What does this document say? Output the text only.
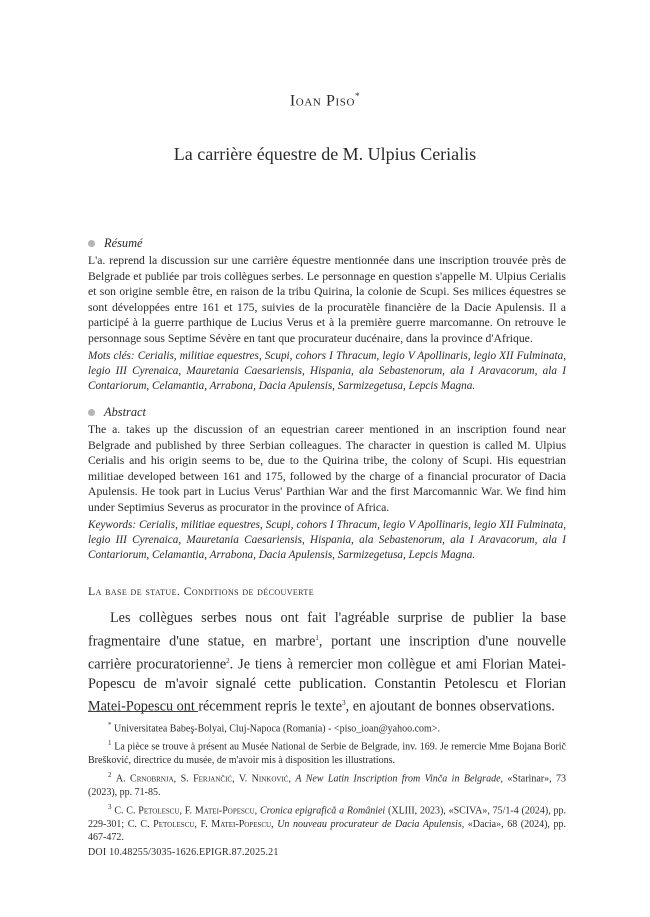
Ioan Piso*
La carrière équestre de M. Ulpius Cerialis
Résumé

L'a. reprend la discussion sur une carrière équestre mentionnée dans une inscription trouvée près de Belgrade et publiée par trois collègues serbes. Le personnage en question s'appelle M. Ulpius Cerialis et son origine semble être, en raison de la tribu Quirina, la colonie de Scupi. Ses milices équestres se sont développées entre 161 et 175, suivies de la procuratèle financière de la Dacie Apulensis. Il a participé à la guerre parthique de Lucius Verus et à la première guerre marcomanne. On retrouve le personnage sous Septime Sévère en tant que procurateur ducénaire, dans la province d'Afrique.

Mots clés: Cerialis, militiae equestres, Scupi, cohors I Thracum, legio V Apollinaris, legio XII Fulminata, legio III Cyrenaica, Mauretania Caesariensis, Hispania, ala Sebastenorum, ala I Aravacorum, ala I Contariorum, Celamantia, Arrabona, Dacia Apulensis, Sarmizegetusa, Lepcis Magna.

Abstract

The a. takes up the discussion of an equestrian career mentioned in an inscription found near Belgrade and published by three Serbian colleagues. The character in question is called M. Ulpius Cerialis and his origin seems to be, due to the Quirina tribe, the colony of Scupi. His equestrian militiae developed between 161 and 175, followed by the charge of a financial procurator of Dacia Apulensis. He took part in Lucius Verus' Parthian War and the first Marcomannic War. We find him under Septimius Severus as procurator in the province of Africa.

Keywords: Cerialis, militiae equestres, Scupi, cohors I Thracum, legio V Apollinaris, legio XII Fulminata, legio III Cyrenaica, Mauretania Caesariensis, Hispania, ala Sebastenorum, ala I Aravacorum, ala I Contariorum, Celamantia, Arrabona, Dacia Apulensis, Sarmizegetusa, Lepcis Magna.

La base de statue. Conditions de découverte

Les collègues serbes nous ont fait l'agréable surprise de publier la base fragmentaire d'une statue, en marbre$^1$, portant une inscription d'une nouvelle carrière procuratorienne$^2$. Je tiens à remercier mon collègue et ami Florian Matei-Popescu de m'avoir signalé cette publication. Constantin Petolescu et Florian Matei-Popescu ont récemment repris le texte$^3$, en ajoutant de bonnes observations.

* Universitatea Babeş-Bolyai, Cluj-Napoca (Romania) - <piso_ioan@yahoo.com>.

$^1$ La pièce se trouve à présent au Musée National de Serbie de Belgrade, inv. 169. Je remercie Mme Bojana Borič Brešković, directrice du musée, de m'avoir mis à disposition les illustrations.

$^2$ A. Crnobrnja, S. Ferjančić, V. Ninković, A New Latin Inscription from Vinča in Belgrade, «Starinar», 73 (2023), pp. 71-85.

$^3$ C. C. Petolescu, F. Matei-Popescu, Cronica epigrafică a României (XLIII, 2023), «SCIVA», 75/1-4 (2024), pp. 229-301; C. C. Petolescu, F. Matei-Popescu, Un nouveau procurateur de Dacia Apulensis, «Dacia», 68 (2024), pp. 467-472.

DOI 10.48255/3035-1626.EPIGR.87.2025.21
